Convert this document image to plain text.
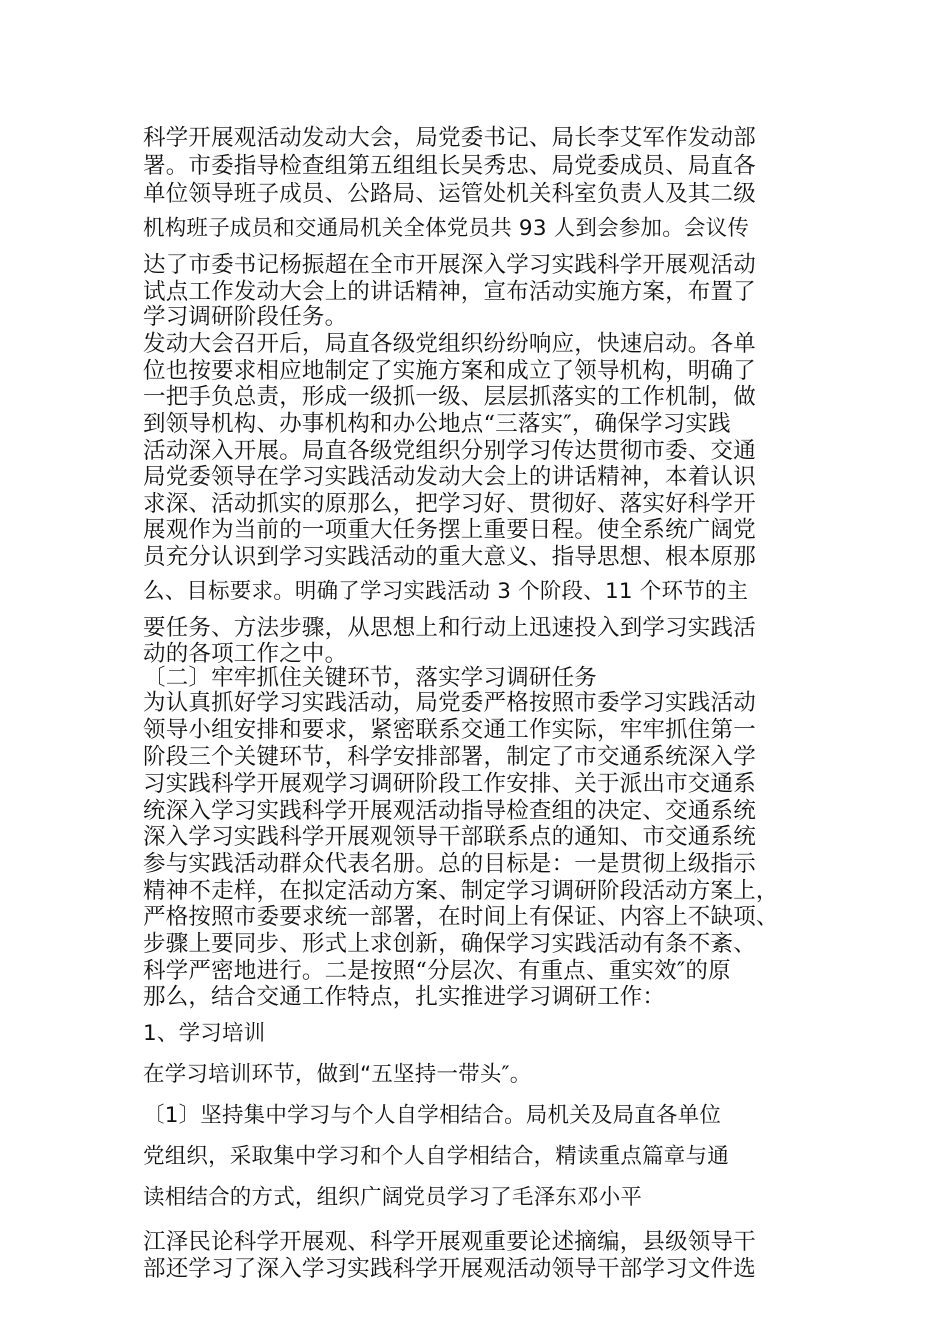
科学开展观活动发动大会，局党委书记、局长李艾军作发动部
署。市委指导检查组第五组组长吴秀忠、局党委成员、局直各
单位领导班子成员、公路局、运管处机关科室负责人及其二级
机构班子成员和交通局机关全体党员共 93 人到会参加。会议传
达了市委书记杨振超在全市开展深入学习实践科学开展观活动
试点工作发动大会上的讲话精神，宣布活动实施方案，布置了
学习调研阶段任务。
发动大会召开后，局直各级党组织纷纷响应，快速启动。各单
位也按要求相应地制定了实施方案和成立了领导机构，明确了
一把手负总责，形成一级抓一级、层层抓落实的工作机制，做
到领导机构、办事机构和办公地点“三落实″，确保学习实践
活动深入开展。局直各级党组织分别学习传达贯彻市委、交通
局党委领导在学习实践活动发动大会上的讲话精神，本着认识
求深、活动抓实的原那么，把学习好、贯彻好、落实好科学开
展观作为当前的一项重大任务摆上重要日程。使全系统广阔党
员充分认识到学习实践活动的重大意义、指导思想、根本原那
么、目标要求。明确了学习实践活动 3 个阶段、11 个环节的主
要任务、方法步骤，从思想上和行动上迅速投入到学习实践活
动的各项工作之中。
〔二〕牢牢抓住关键环节，落实学习调研任务
为认真抓好学习实践活动，局党委严格按照市委学习实践活动
领导小组安排和要求，紧密联系交通工作实际，牢牢抓住第一
阶段三个关键环节，科学安排部署，制定了市交通系统深入学
习实践科学开展观学习调研阶段工作安排、关于派出市交通系
统深入学习实践科学开展观活动指导检查组的决定、交通系统
深入学习实践科学开展观领导干部联系点的通知、市交通系统
参与实践活动群众代表名册。总的目标是：一是贯彻上级指示
精神不走样，在拟定活动方案、制定学习调研阶段活动方案上，
严格按照市委要求统一部署，在时间上有保证、内容上不缺项、
步骤上要同步、形式上求创新，确保学习实践活动有条不紊、
科学严密地进行。二是按照“分层次、有重点、重实效″的原
那么，结合交通工作特点，扎实推进学习调研工作：
1、学习培训
在学习培训环节，做到“五坚持一带头″。
〔1〕坚持集中学习与个人自学相结合。局机关及局直各单位
党组织，采取集中学习和个人自学相结合，精读重点篇章与通
读相结合的方式，组织广阔党员学习了毛泽东邓小平
江泽民论科学开展观、科学开展观重要论述摘编，县级领导干
部还学习了深入学习实践科学开展观活动领导干部学习文件选
